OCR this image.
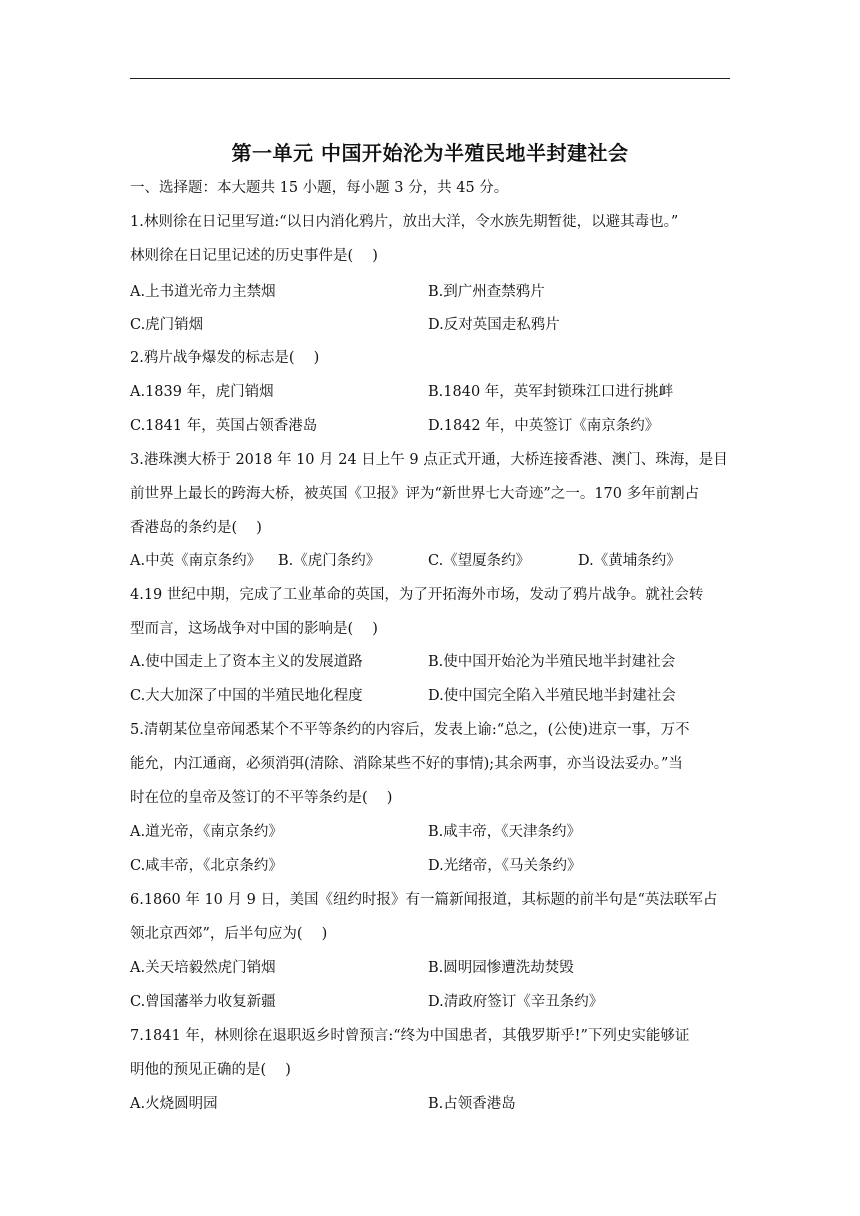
第一单元 中国开始沦为半殖民地半封建社会
一、选择题：本大题共 15 小题，每小题 3 分，共 45 分。
1.林则徐在日记里写道:“以日内消化鸦片，放出大洋，令水族先期暂徙，以避其毒也。”
林则徐在日记里记述的历史事件是(　 )
A.上书道光帝力主禁烟	B.到广州查禁鸦片
C.虎门销烟	D.反对英国走私鸦片
2.鸦片战争爆发的标志是(　 )
A.1839 年，虎门销烟	B.1840 年，英军封锁珠江口进行挑衅
C.1841 年，英国占领香港岛	D.1842 年，中英签订《南京条约》
3.港珠澳大桥于 2018 年 10 月 24 日上午 9 点正式开通，大桥连接香港、澳门、珠海，是目
前世界上最长的跨海大桥，被英国《卫报》评为“新世界七大奇迹”之一。170 多年前割占
香港岛的条约是(　 )
A.中英《南京条约》 B.《虎门条约》	C.《望厦条约》	D.《黄埔条约》
4.19 世纪中期，完成了工业革命的英国，为了开拓海外市场，发动了鸦片战争。就社会转
型而言，这场战争对中国的影响是(　 )
A.使中国走上了资本主义的发展道路	B.使中国开始沦为半殖民地半封建社会
C.大大加深了中国的半殖民地化程度	D.使中国完全陷入半殖民地半封建社会
5.清朝某位皇帝闻悉某个不平等条约的内容后，发表上谕:“总之，(公使)进京一事，万不
能允，内江通商，必须消弭(清除、消除某些不好的事情);其余两事，亦当设法妥办。”当
时在位的皇帝及签订的不平等条约是(　 )
A.道光帝，《南京条约》	B.咸丰帝，《天津条约》
C.咸丰帝，《北京条约》	D.光绪帝，《马关条约》
6.1860 年 10 月 9 日，美国《纽约时报》有一篇新闻报道，其标题的前半句是“英法联军占
领北京西郊”，后半句应为(　 )
A.关天培毅然虎门销烟	B.圆明园惨遭洗劫焚毁
C.曾国藩举力收复新疆	D.清政府签订《辛丑条约》
7.1841 年，林则徐在退职返乡时曾预言:“终为中国患者，其俄罗斯乎!”下列史实能够证
明他的预见正确的是(　 )
A.火烧圆明园	B.占领香港岛
